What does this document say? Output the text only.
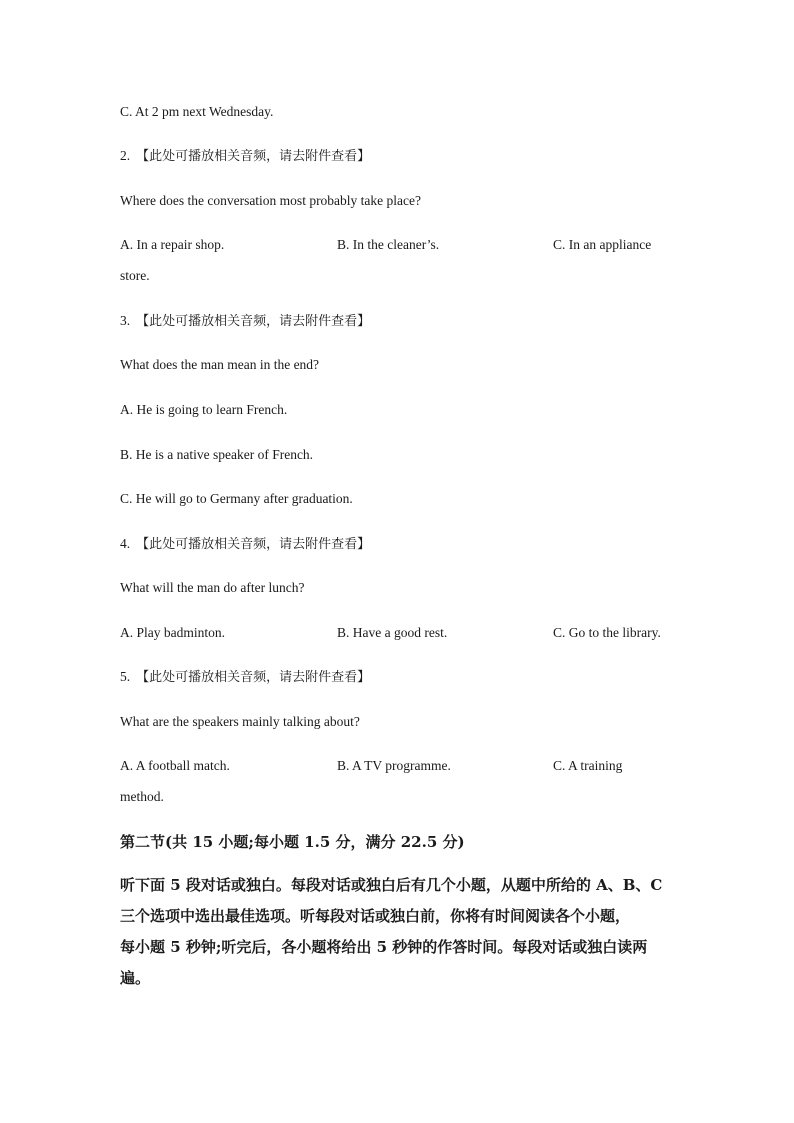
C. At 2 pm next Wednesday.
2. 【此处可播放相关音频，请去附件查看】
Where does the conversation most probably take place?
A. In a repair shop.	B. In the cleaner’s.	C. In an appliance
store.
3. 【此处可播放相关音频，请去附件查看】
What does the man mean in the end?
A. He is going to learn French.
B. He is a native speaker of French.
C. He will go to Germany after graduation.
4. 【此处可播放相关音频，请去附件查看】
What will the man do after lunch?
A. Play badminton.	B. Have a good rest.	C. Go to the library.
5. 【此处可播放相关音频，请去附件查看】
What are the speakers mainly talking about?
A. A football match.	B. A TV programme.	C. A training
method.
第二节(共 15 小题;每小题 1.5 分，满分 22.5 分)
听下面 5 段对话或独白。每段对话或独白后有几个小题，从题中所给的 A、B、C
三个选项中选出最佳选项。听每段对话或独白前，你将有时间阅读各个小题，
每小题 5 秒钟;听完后，各小题将给出 5 秒钟的作答时间。每段对话或独白读两
遍。
